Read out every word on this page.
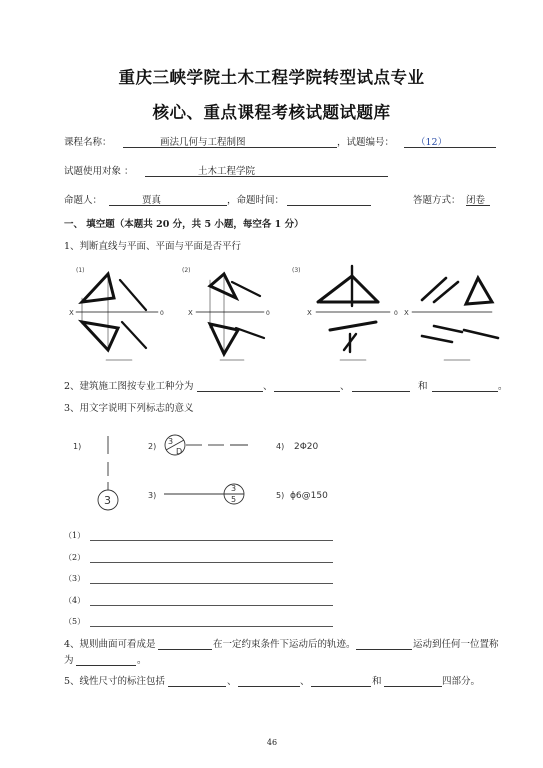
重庆三峡学院土木工程学院转型试点专业
核心、重点课程考核试题试题库
课程名称：	画法几何与工程制图	，试题编号： （12）
试题使用对象 ：	土木工程学院
命题人：	贾真	，命题时间：	答题方式： 闭卷
一、 填空题（本题共 20 分，共 5 小题，每空各 1 分）
1、判断直线与平面、平面与平面是否平行
(1)
X	0
(2)
X	0
(3)
X	0 X
2、建筑施工图按专业工种分为	、	、	和	。
3、用文字说明下列标志的意义
1)
3
2)
3
D
4) 2Φ20
3)
3
5	5) ϕ6@150
（1）
（2）
（3）
（4）
（5）
4、规则曲面可看成是	在一定约束条件下运动后的轨迹。	运动到任何一位置称
为	。
5、线性尺寸的标注包括	、	、	和	四部分。
46
